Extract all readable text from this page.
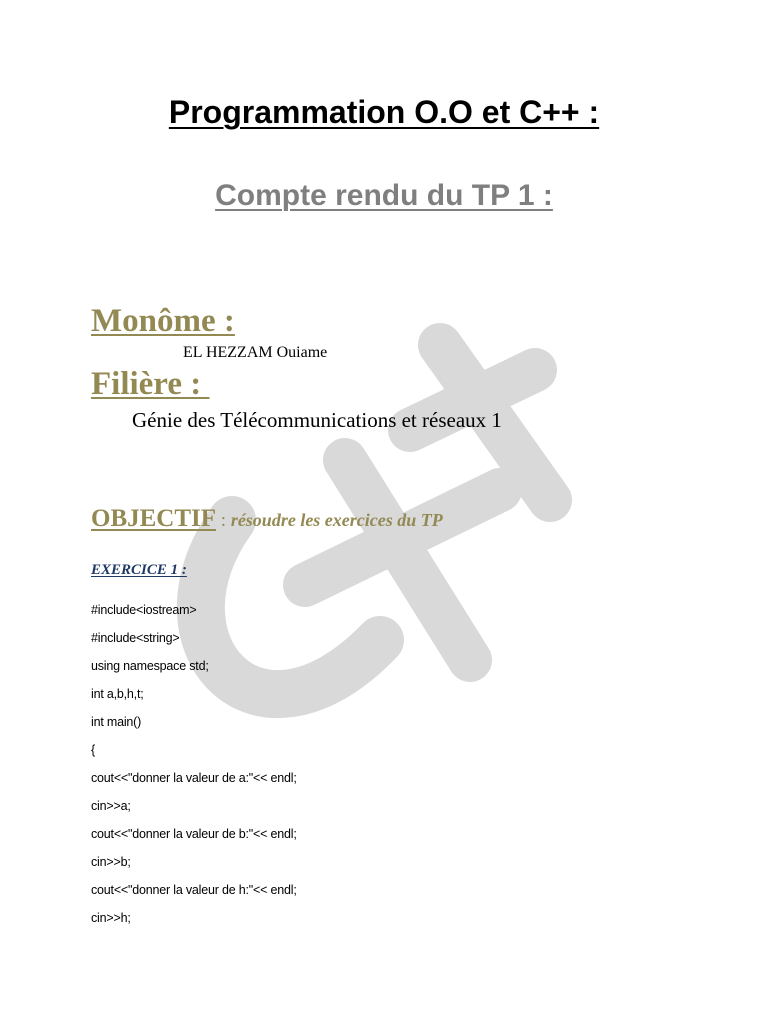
Programmation O.O et C++ :
Compte rendu du TP 1 :
Monôme :
EL HEZZAM Ouiame
Filière :
Génie des Télécommunications et réseaux 1
OBJECTIF : résoudre les exercices du TP
EXERCICE 1 :
#include<iostream>
#include<string>
using namespace std;
int a,b,h,t;
int main()
{
cout<<"donner la valeur de a:"<< endl;
cin>>a;
cout<<"donner la valeur de b:"<< endl;
cin>>b;
cout<<"donner la valeur de h:"<< endl;
cin>>h;
